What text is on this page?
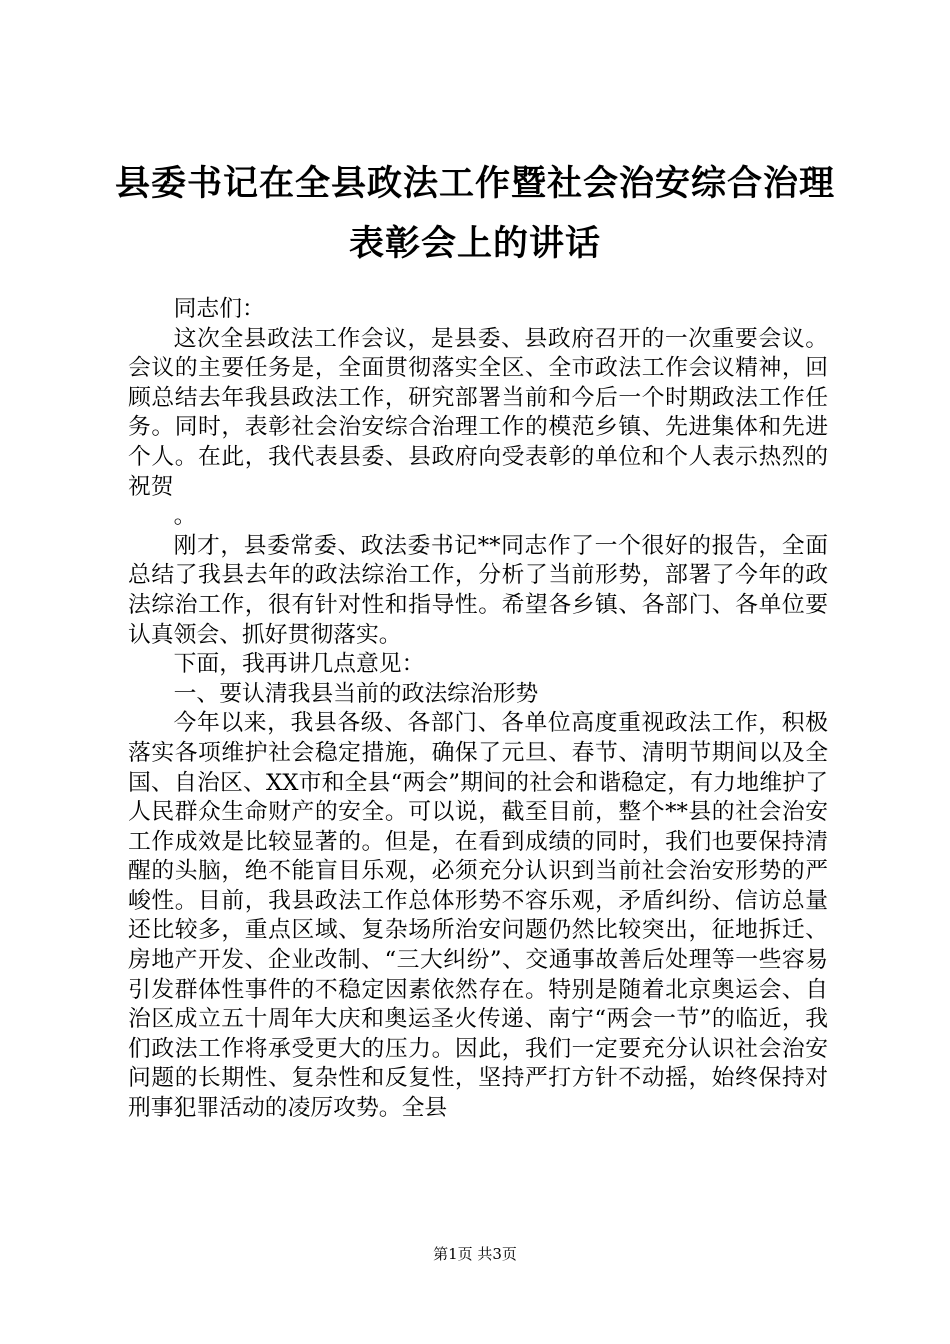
县委书记在全县政法工作暨社会治安综合治理
表彰会上的讲话

同志们：

这次全县政法工作会议，是县委、县政府召开的一次重要会议。会议的主要任务是，全面贯彻落实全区、全市政法工作会议精神，回顾总结去年我县政法工作，研究部署当前和今后一个时期政法工作任务。同时，表彰社会治安综合治理工作的模范乡镇、先进集体和先进个人。在此，我代表县委、县政府向受表彰的单位和个人表示热烈的祝贺

。

刚才，县委常委、政法委书记**同志作了一个很好的报告，全面总结了我县去年的政法综治工作，分析了当前形势，部署了今年的政法综治工作，很有针对性和指导性。希望各乡镇、各部门、各单位要认真领会、抓好贯彻落实。

下面，我再讲几点意见：

一、要认清我县当前的政法综治形势

今年以来，我县各级、各部门、各单位高度重视政法工作，积极落实各项维护社会稳定措施，确保了元旦、春节、清明节期间以及全国、自治区、XX市和全县“两会”期间的社会和谐稳定，有力地维护了人民群众生命财产的安全。可以说，截至目前，整个**县的社会治安工作成效是比较显著的。但是，在看到成绩的同时，我们也要保持清醒的头脑，绝不能盲目乐观，必须充分认识到当前社会治安形势的严峻性。目前，我县政法工作总体形势不容乐观，矛盾纠纷、信访总量还比较多，重点区域、复杂场所治安问题仍然比较突出，征地拆迁、房地产开发、企业改制、“三大纠纷”、交通事故善后处理等一些容易引发群体性事件的不稳定因素依然存在。特别是随着北京奥运会、自治区成立五十周年大庆和奥运圣火传递、南宁“两会一节”的临近，我们政法工作将承受更大的压力。因此，我们一定要充分认识社会治安问题的长期性、复杂性和反复性，坚持严打方针不动摇，始终保持对刑事犯罪活动的凌厉攻势。全县

第1页 共3页
